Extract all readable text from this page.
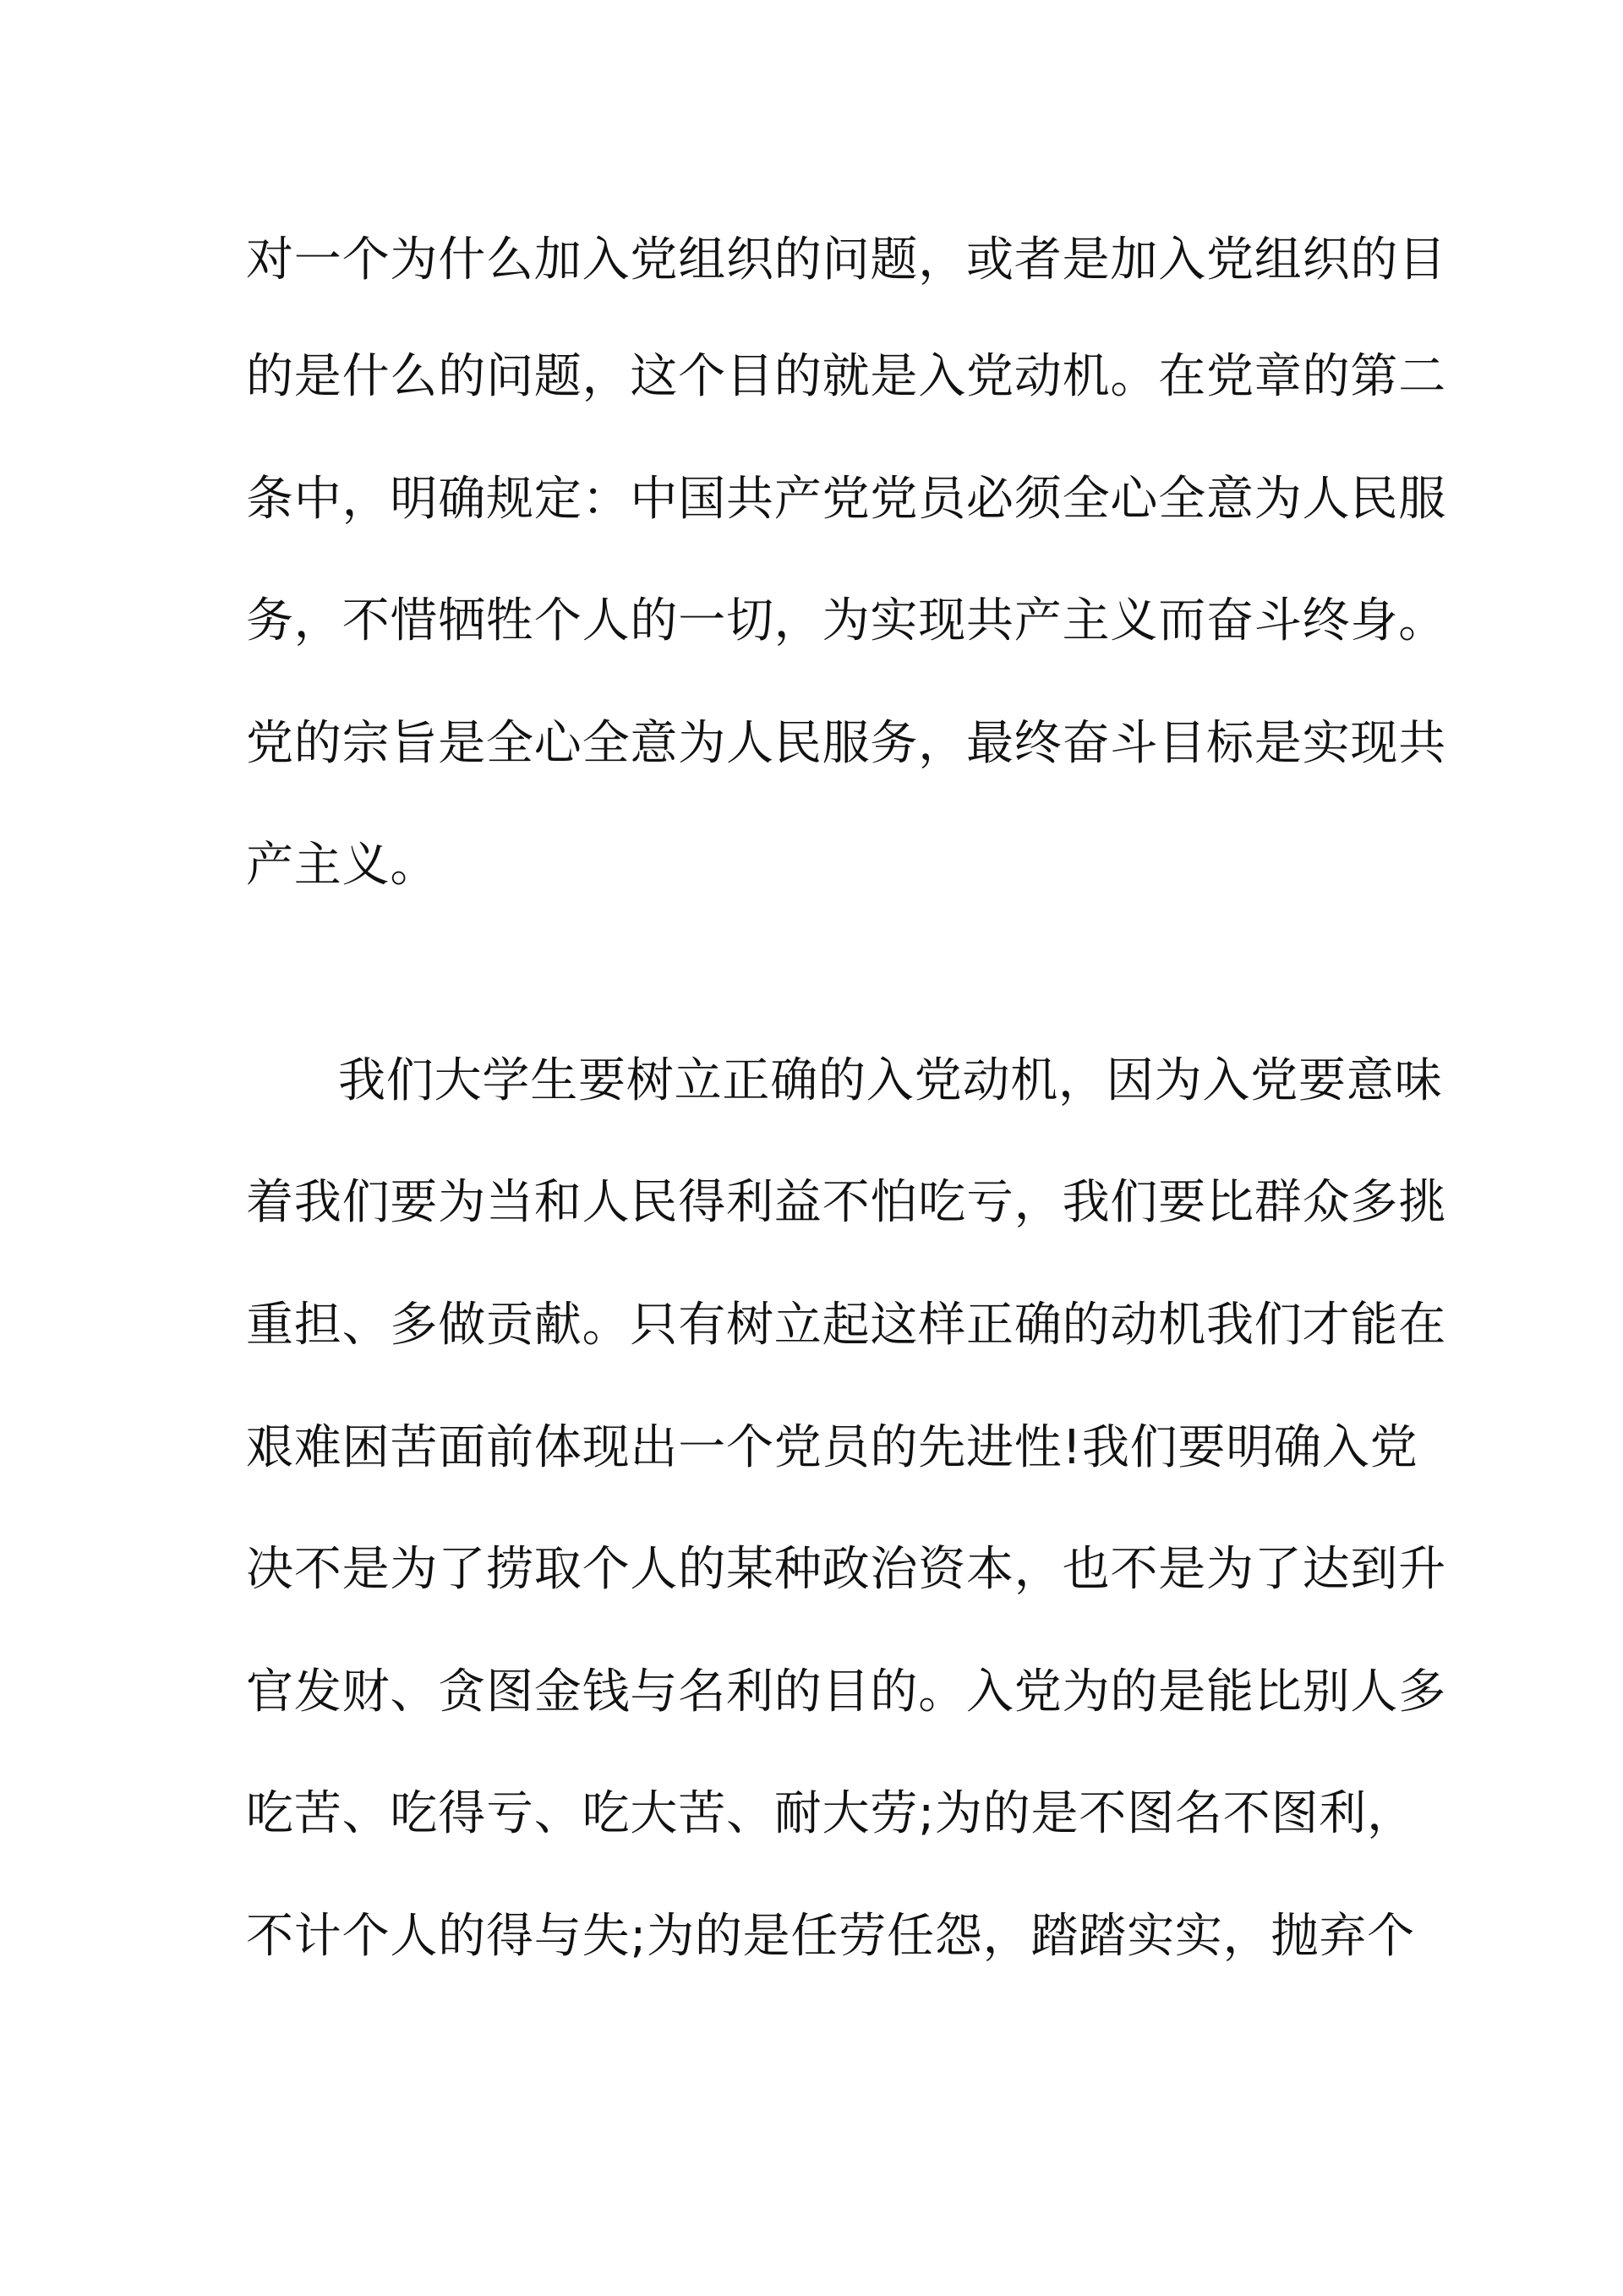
对一个为什么加入党组织的问题，或者是加入党组织的目
的是什么的问题，这个目的就是入党动机。在党章的第二
条中，明确规定：中国共产党党员必须全心全意为人民服
务，不惜牺牲个人的一切，为实现共产主义而奋斗终身。
党的宗旨是全心全意为人民服务，最终奋斗目标是实现共
产主义。
我们大学生要树立正确的入党动机，因为入党要意味
着我们要为当和人民得利益不怕吃亏，我们要比群众多挑
重担、多做贡献。只有树立起这样正确的动机我们才能在
艰难困苦面前体现出一个党员的先进性!我们要明确入党
决不是为了捞取个人的某种政治资本，也不是为了达到升
官发财、贪图金钱与名利的目的。入党为的是能比别人多
吃苦、吃得亏、吃大苦、耐大劳;为的是不图名不图利，
不计个人的得与失;为的是任劳任怨，踏踏实实，抛弃个
